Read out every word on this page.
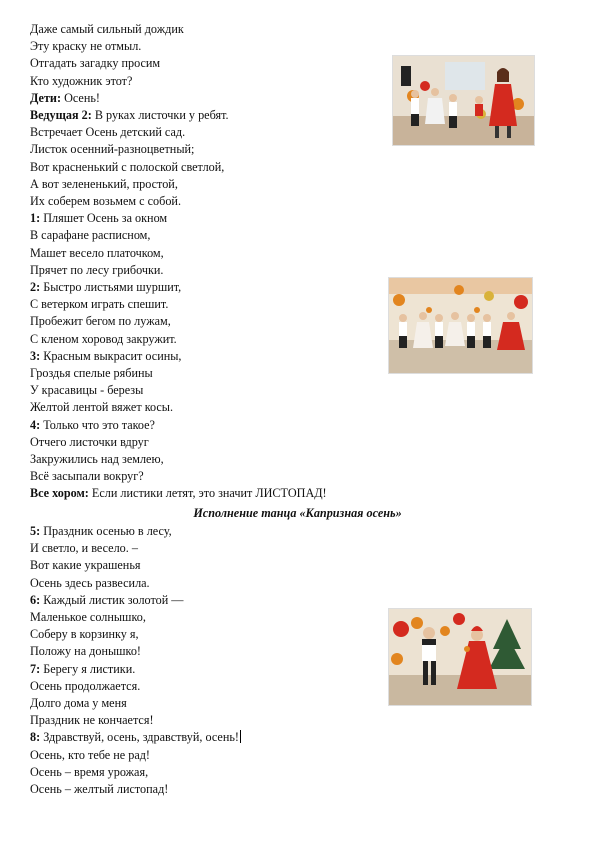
Даже самый сильный дождик
Эту краску не отмыл.
Отгадать загадку просим
Кто художник этот?
Дети: Осень!
Ведущая 2: В руках листочки у ребят.
Встречает Осень детский сад.
Листок осенний-разноцветный;
Вот красненький с полоской светлой,
А вот зелененький, простой,
Их соберем возьмем с собой.
1: Пляшет Осень за окном
В сарафане расписном,
Машет весело платочком,
Прячет по лесу грибочки.
2: Быстро листьями шуршит,
С ветерком играть спешит.
Пробежит бегом по лужам,
С кленом хоровод закружит.
3: Красным выкрасит осины,
Гроздья спелые рябины
У красавицы - березы
Желтой лентой вяжет косы.
4: Только что это такое?
Отчего листочки вдруг
Закружились над землею,
Всё засыпали вокруг?
Все хором: Если листики летят, это значит ЛИСТОПАД!
Исполнение танца «Капризная осень»
5: Праздник осенью в лесу,
И светло, и весело. –
Вот какие украшенья
Осень здесь развесила.
6: Каждый листик золотой —
Маленькое солнышко,
Соберу в корзинку я,
Положу на донышко!
7: Берегу я листики.
Осень продолжается.
Долго дома у меня
Праздник не кончается!
8: Здравствуй, осень, здравствуй, осень!
Осень, кто тебе не рад!
Осень – время урожая,
Осень – желтый листопад!
